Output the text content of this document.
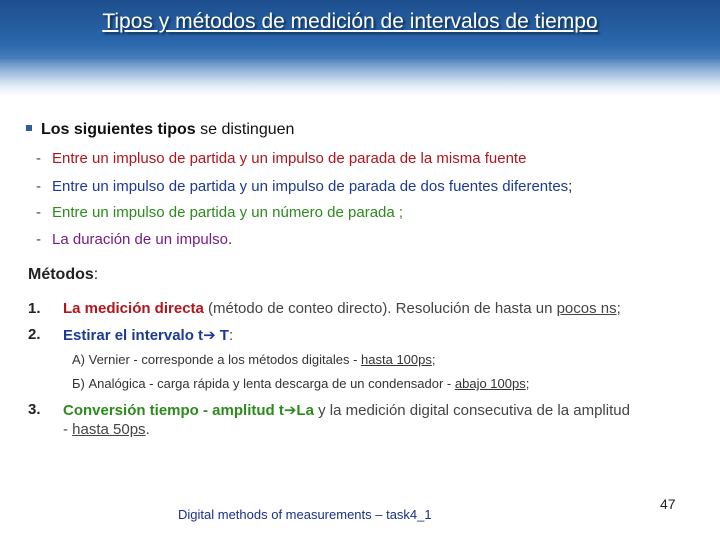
Tipos y métodos de medición de intervalos de tiempo
Los siguientes tipos se distinguen
- Entre un impluso de partida y un impulso de parada de la misma fuente
- Entre un impulso de partida y un impulso de parada de dos fuentes diferentes;
- Entre un impulso de partida y un número de parada ;
- La duración de un impulso.
Métodos:
1. La medición directa (método de conteo directo). Resolución de hasta un pocos ns;
2. Estirar el intervalo t➔ T:
A) Vernier - corresponde a los métodos digitales - hasta 100ps;
Б) Analógica - carga rápida y lenta descarga de un condensador - abajo 100ps;
3. Conversión tiempo - amplitud t➔La y la medición digital consecutiva de la amplitud
- hasta 50ps.
Digital methods of measurements – task4_1
47
